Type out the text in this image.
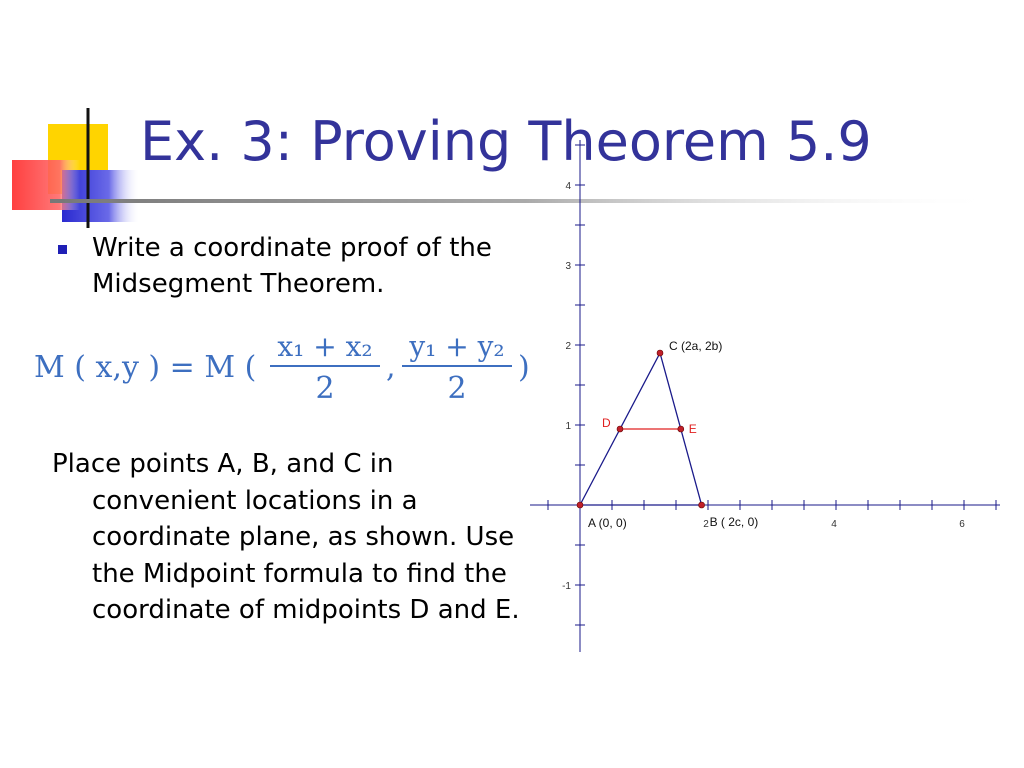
Ex. 3: Proving Theorem 5.9
Write a coordinate proof of the Midsegment Theorem.
M ( x,y ) = M (
x₁ + x₂
2
,
y₁ + y₂
2
)
Place points A, B, and C in convenient locations in a coordinate plane, as shown. Use the Midpoint formula to find the coordinate of midpoints D and E.
2	4	6
4
3
2
1
-1
A (0, 0)	B ( 2c, 0)
C (2a, 2b)
D	E
